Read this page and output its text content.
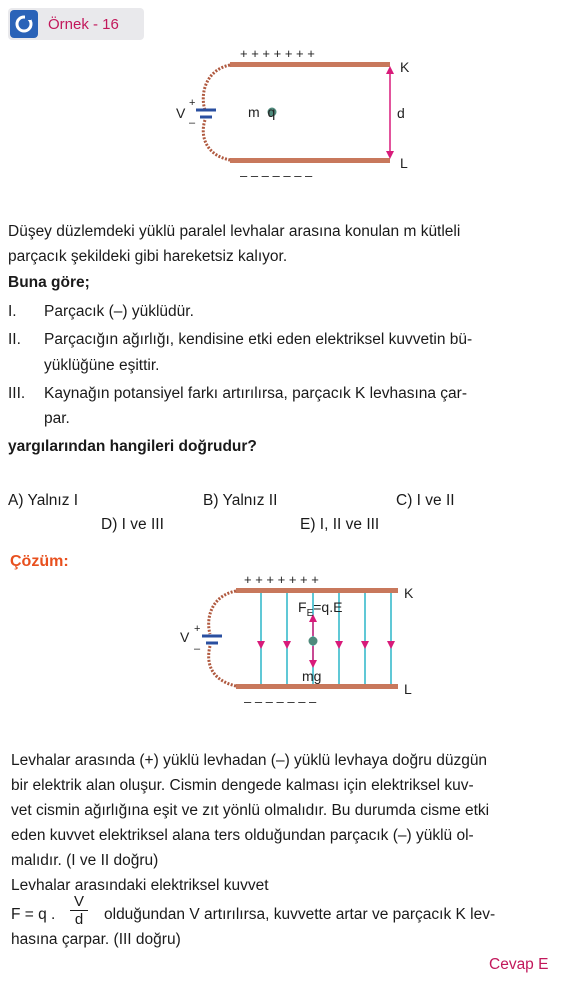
Örnek - 16
+ + + + + + +
– – – – – – –
K
L
d
V
+
–
m  q
Düşey düzlemdeki yüklü paralel levhalar arasına konulan m kütleli
parçacık şekildeki gibi hareketsiz kalıyor.
Buna göre;
I.	Parçacık (–) yüklüdür.
II.	Parçacığın ağırlığı, kendisine etki eden elektriksel kuvvetin bü-
yüklüğüne eşittir.
III.	Kaynağın potansiyel farkı artırılırsa, parçacık K levhasına çar-
par.
yargılarından hangileri doğrudur?
A) Yalnız I	B) Yalnız II	C) I ve II
D) I ve III	E) I, II ve III
Çözüm:
+ + + + + + +
– – – – – – –
K
L
$F_E=q.E$
mg
V +
–
Levhalar arasında (+) yüklü levhadan (–) yüklü levhaya doğru düzgün
bir elektrik alan oluşur. Cismin dengede kalması için elektriksel kuv-
vet cismin ağırlığına eşit ve zıt yönlü olmalıdır. Bu durumda cisme etki
eden kuvvet elektriksel alana ters olduğundan parçacık (–) yüklü ol-
malıdır. (I ve II doğru)
Levhalar arasındaki elektriksel kuvvet
F = q .
V
d	olduğundan V artırılırsa, kuvvette artar ve parçacık K lev-
hasına çarpar. (III doğru)
Cevap E
